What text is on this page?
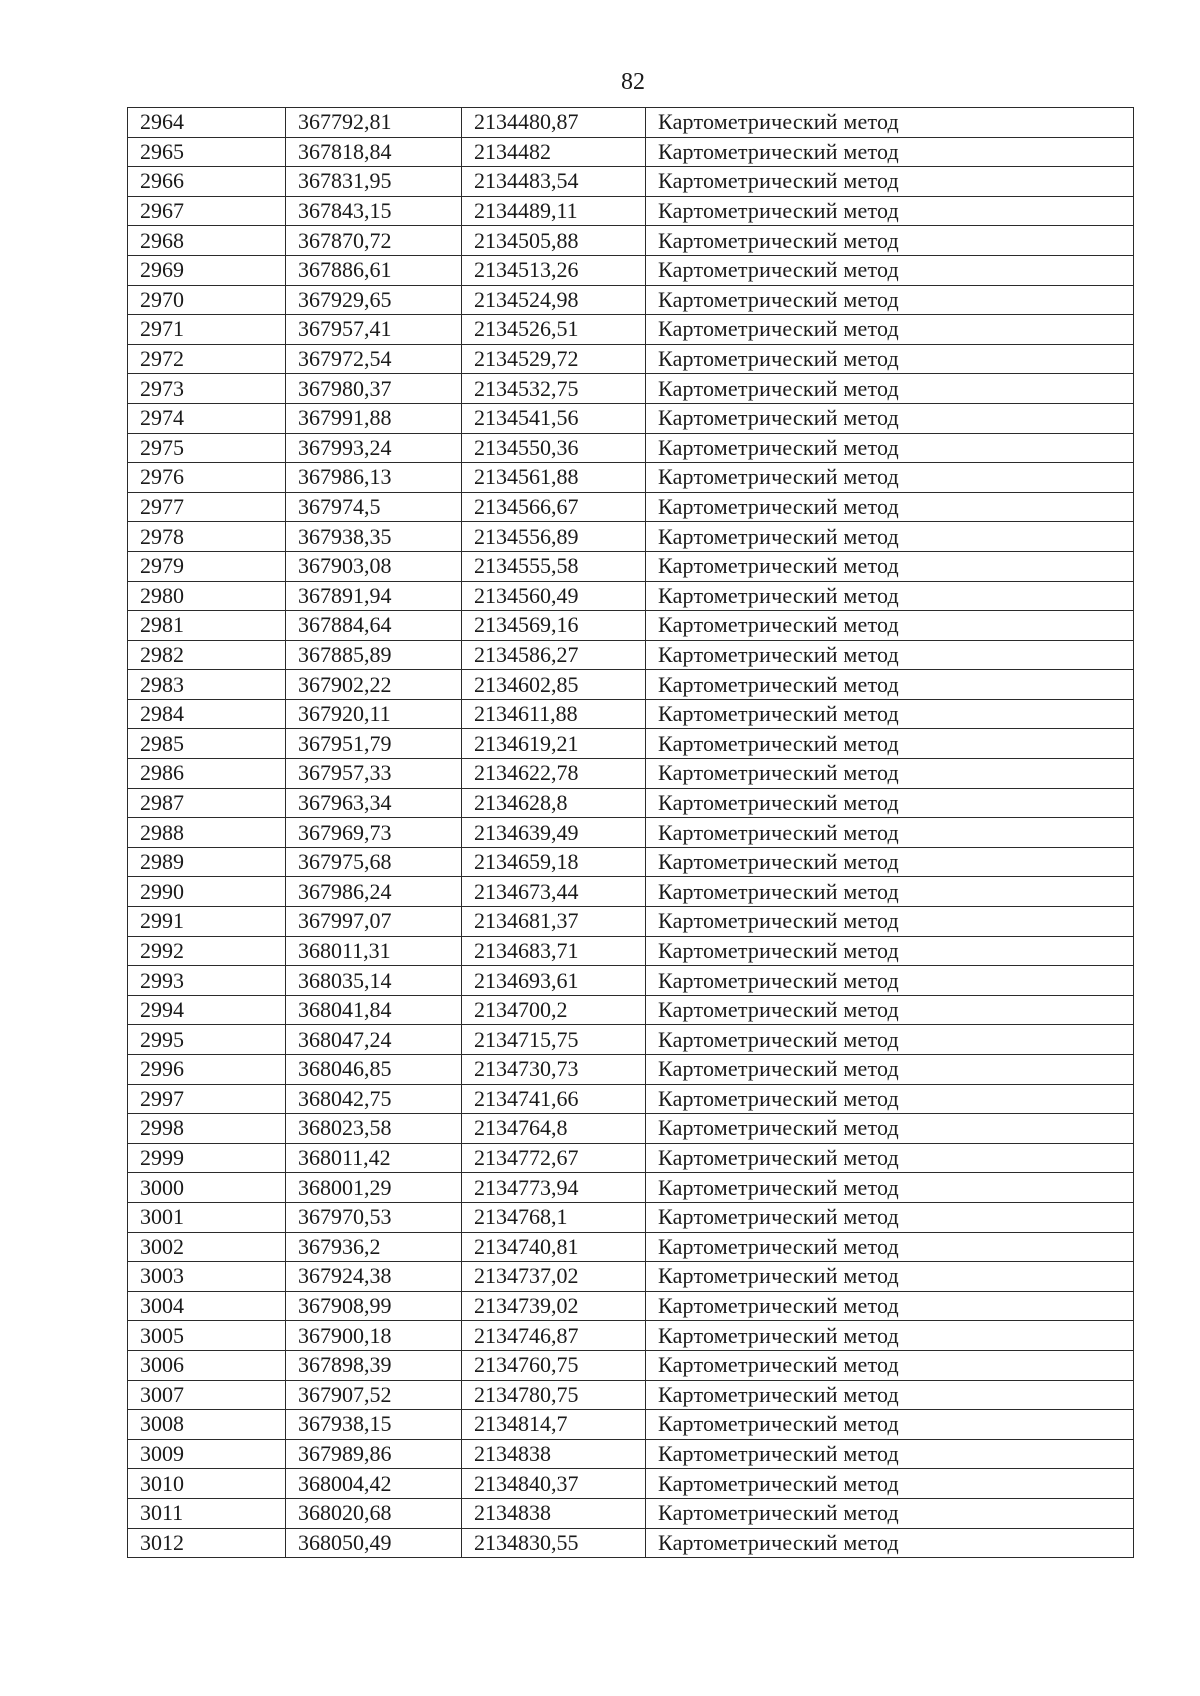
82
2964	367792,81	2134480,87	Картометрический метод
2965	367818,84	2134482	Картометрический метод
2966	367831,95	2134483,54	Картометрический метод
2967	367843,15	2134489,11	Картометрический метод
2968	367870,72	2134505,88	Картометрический метод
2969	367886,61	2134513,26	Картометрический метод
2970	367929,65	2134524,98	Картометрический метод
2971	367957,41	2134526,51	Картометрический метод
2972	367972,54	2134529,72	Картометрический метод
2973	367980,37	2134532,75	Картометрический метод
2974	367991,88	2134541,56	Картометрический метод
2975	367993,24	2134550,36	Картометрический метод
2976	367986,13	2134561,88	Картометрический метод
2977	367974,5	2134566,67	Картометрический метод
2978	367938,35	2134556,89	Картометрический метод
2979	367903,08	2134555,58	Картометрический метод
2980	367891,94	2134560,49	Картометрический метод
2981	367884,64	2134569,16	Картометрический метод
2982	367885,89	2134586,27	Картометрический метод
2983	367902,22	2134602,85	Картометрический метод
2984	367920,11	2134611,88	Картометрический метод
2985	367951,79	2134619,21	Картометрический метод
2986	367957,33	2134622,78	Картометрический метод
2987	367963,34	2134628,8	Картометрический метод
2988	367969,73	2134639,49	Картометрический метод
2989	367975,68	2134659,18	Картометрический метод
2990	367986,24	2134673,44	Картометрический метод
2991	367997,07	2134681,37	Картометрический метод
2992	368011,31	2134683,71	Картометрический метод
2993	368035,14	2134693,61	Картометрический метод
2994	368041,84	2134700,2	Картометрический метод
2995	368047,24	2134715,75	Картометрический метод
2996	368046,85	2134730,73	Картометрический метод
2997	368042,75	2134741,66	Картометрический метод
2998	368023,58	2134764,8	Картометрический метод
2999	368011,42	2134772,67	Картометрический метод
3000	368001,29	2134773,94	Картометрический метод
3001	367970,53	2134768,1	Картометрический метод
3002	367936,2	2134740,81	Картометрический метод
3003	367924,38	2134737,02	Картометрический метод
3004	367908,99	2134739,02	Картометрический метод
3005	367900,18	2134746,87	Картометрический метод
3006	367898,39	2134760,75	Картометрический метод
3007	367907,52	2134780,75	Картометрический метод
3008	367938,15	2134814,7	Картометрический метод
3009	367989,86	2134838	Картометрический метод
3010	368004,42	2134840,37	Картометрический метод
3011	368020,68	2134838	Картометрический метод
3012	368050,49	2134830,55	Картометрический метод
